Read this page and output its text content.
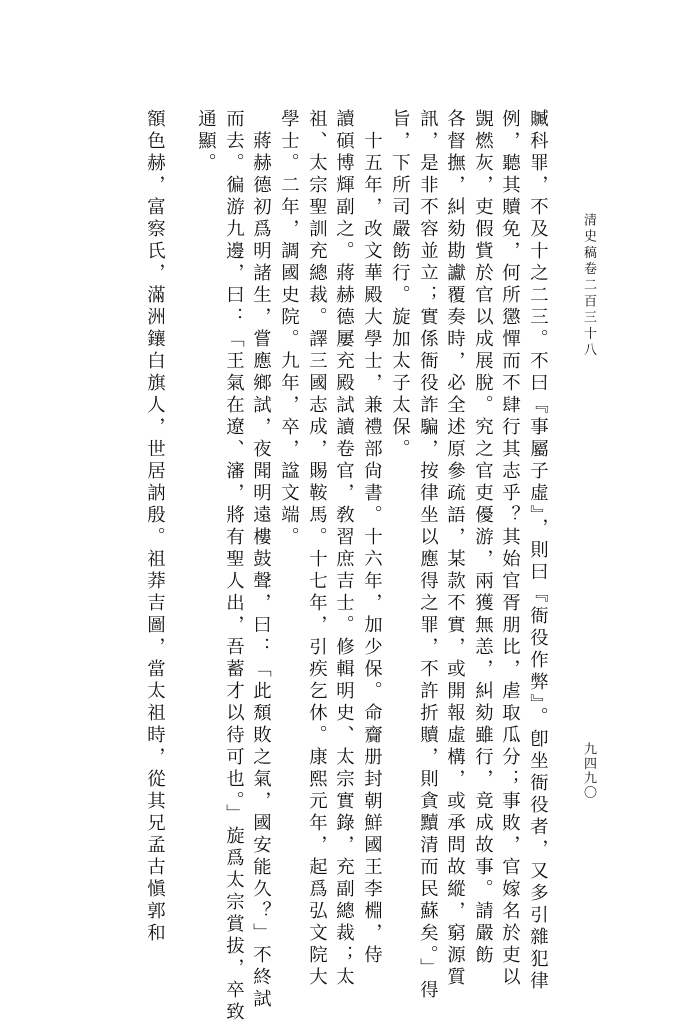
清史稿卷二百三十八
九四九〇
贓科罪，不及十之二三。不曰『事屬子虛』，則曰『衙役作弊』。卽坐衙役者，又多引雜犯律
例，聽其贖免，何所懲憚而不肆行其志乎？其始官胥朋比，虐取瓜分；事敗，官嫁名於吏以
覬燃灰，吏假貲於官以成展脫。究之官吏優游，兩獲無恙，糾劾雖行，竟成故事。請嚴飭
各督撫，糾劾勘讞覆奏時，必全述原參疏語，某款不實，或開報虛構，或承問故縱，窮源質
訊，是非不容並立；實係衙役詐騙，按律坐以應得之罪，不許折贖，則貪黷清而民蘇矣。」得
旨，下所司嚴飭行。旋加太子太保。
十五年，改文華殿大學士，兼禮部尙書。十六年，加少保。命齎册封朝鮮國王李棩，侍
讀碩博輝副之。蔣赫德屢充殿試讀卷官，敎習庶吉士。修輯明史、太宗實錄，充副總裁；太
祖、太宗聖訓充總裁。譯三國志成，賜鞍馬。十七年，引疾乞休。康熙元年，起爲弘文院大
學士。二年，調國史院。九年，卒，諡文端。
蔣赫德初爲明諸生，嘗應鄉試，夜聞明遠樓鼓聲，曰：「此頹敗之氣，國安能久？」不終試
而去。徧游九邊，曰：「王氣在遼、瀋，將有聖人出，吾蓄才以待可也。」旋爲太宗賞拔，卒致
通顯。
額色赫，富察氏，滿洲鑲白旗人，世居訥殷。祖莽吉圖，當太祖時，從其兄孟古愼郭和
